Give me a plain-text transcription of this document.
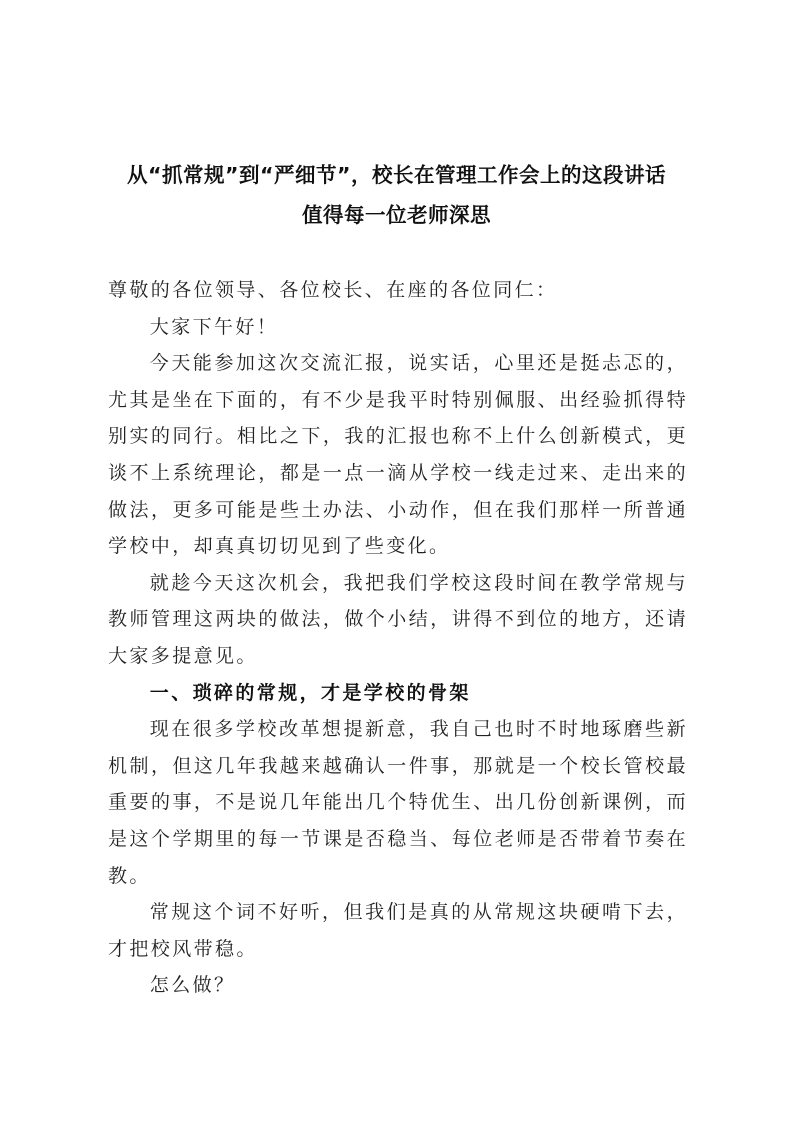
从“抓常规”到“严细节”，校长在管理工作会上的这段讲话
值得每一位老师深思

尊敬的各位领导、各位校长、在座的各位同仁：

大家下午好！

今天能参加这次交流汇报，说实话，心里还是挺忐忑的，尤其是坐在下面的，有不少是我平时特别佩服、出经验抓得特别实的同行。相比之下，我的汇报也称不上什么创新模式，更谈不上系统理论，都是一点一滴从学校一线走过来、走出来的做法，更多可能是些土办法、小动作，但在我们那样一所普通学校中，却真真切切见到了些变化。

就趁今天这次机会，我把我们学校这段时间在教学常规与教师管理这两块的做法，做个小结，讲得不到位的地方，还请大家多提意见。

一、琐碎的常规，才是学校的骨架

现在很多学校改革想提新意，我自己也时不时地琢磨些新机制，但这几年我越来越确认一件事，那就是一个校长管校最重要的事，不是说几年能出几个特优生、出几份创新课例，而是这个学期里的每一节课是否稳当、每位老师是否带着节奏在教。

常规这个词不好听，但我们是真的从常规这块硬啃下去，才把校风带稳。

怎么做？
